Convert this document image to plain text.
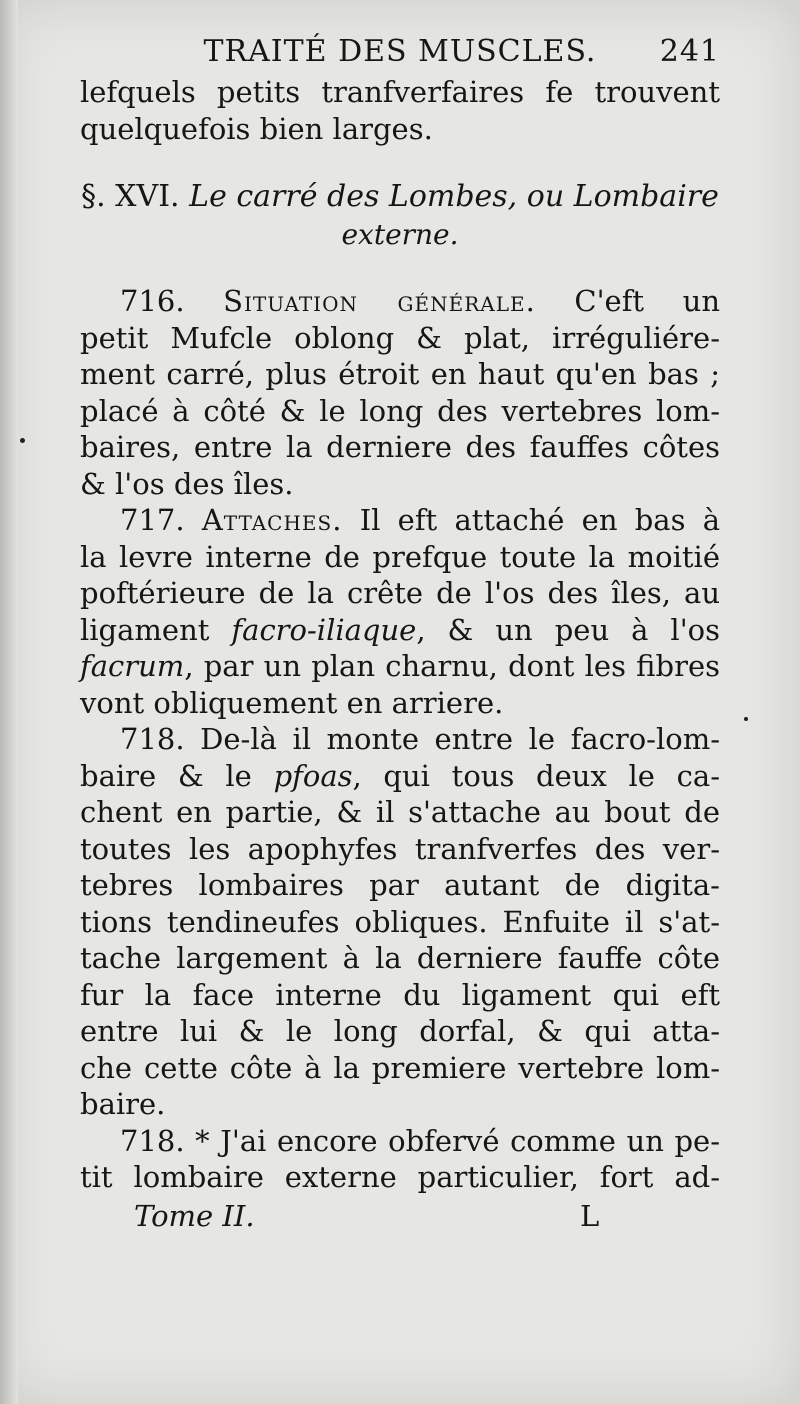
TRAITÉ DES MUSCLES. 241
lefquels petits tranfverfaires fe trouvent
quelquefois bien larges.
§. XVI. Le carré des Lombes, ou Lombaire
externe.
716. Situation générale. C'eft un
petit Mufcle oblong & plat, irréguliére-
ment carré, plus étroit en haut qu'en bas ;
placé à côté & le long des vertebres lom-
baires, entre la derniere des fauffes côtes
& l'os des îles.
717. Attaches. Il eft attaché en bas à
la levre interne de prefque toute la moitié
poftérieure de la crête de l'os des îles, au
ligament facro-iliaque, & un peu à l'os
facrum, par un plan charnu, dont les fibres
vont obliquement en arriere.
718. De-là il monte entre le facro-lom-
baire & le pfoas, qui tous deux le ca-
chent en partie, & il s'attache au bout de
toutes les apophyfes tranfverfes des ver-
tebres lombaires par autant de digita-
tions tendineufes obliques. Enfuite il s'at-
tache largement à la derniere fauffe côte
fur la face interne du ligament qui eft
entre lui & le long dorfal, & qui atta-
che cette côte à la premiere vertebre lom-
baire.
718. * J'ai encore obfervé comme un pe-
tit lombaire externe particulier, fort ad-
Tome II.	L
